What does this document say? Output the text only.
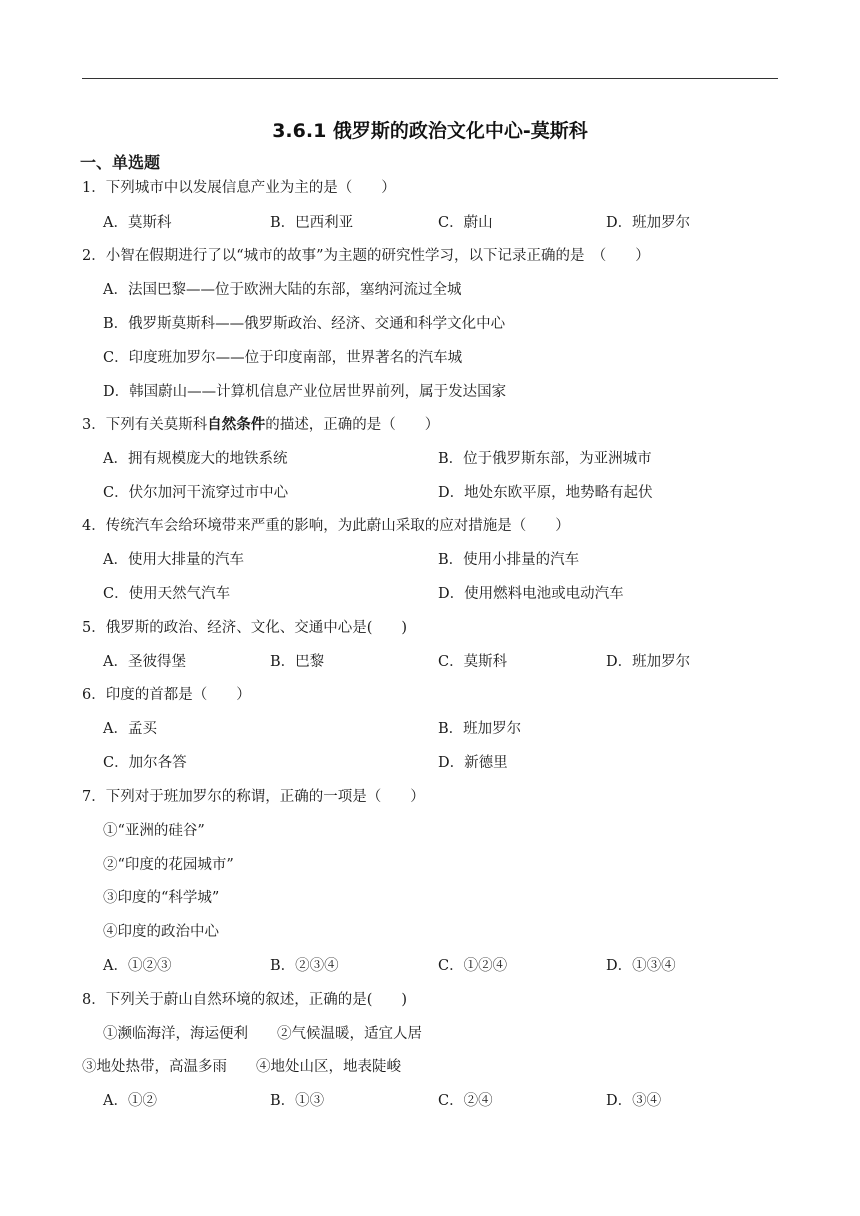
3.6.1 俄罗斯的政治文化中心-莫斯科
一、单选题
1．下列城市中以发展信息产业为主的是（　　）
A．莫斯科	B．巴西利亚	C．蔚山	D．班加罗尔
2．小智在假期进行了以“城市的故事”为主题的研究性学习，以下记录正确的是　（　　）
A．法国巴黎——位于欧洲大陆的东部，塞纳河流过全城
B．俄罗斯莫斯科——俄罗斯政治、经济、交通和科学文化中心
C．印度班加罗尔——位于印度南部，世界著名的汽车城
D．韩国蔚山——计算机信息产业位居世界前列，属于发达国家
3．下列有关莫斯科自然条件的描述，正确的是（　　）
A．拥有规模庞大的地铁系统	B．位于俄罗斯东部，为亚洲城市
C．伏尔加河干流穿过市中心	D．地处东欧平原，地势略有起伏
4．传统汽车会给环境带来严重的影响，为此蔚山采取的应对措施是（　　）
A．使用大排量的汽车	B．使用小排量的汽车
C．使用天然气汽车	D．使用燃料电池或电动汽车
5．俄罗斯的政治、经济、文化、交通中心是(　　)
A．圣彼得堡	B．巴黎	C．莫斯科	D．班加罗尔
6．印度的首都是（　　）
A．孟买	B．班加罗尔
C．加尔各答	D．新德里
7．下列对于班加罗尔的称谓，正确的一项是（　　）
①“亚洲的硅谷”
②“印度的花园城市”
③印度的“科学城”
④印度的政治中心
A．①②③	B．②③④	C．①②④	D．①③④
8．下列关于蔚山自然环境的叙述，正确的是(　　)
①濒临海洋，海运便利　　②气候温暖，适宜人居
③地处热带，高温多雨　　④地处山区，地表陡峻
A．①②	B．①③	C．②④	D．③④
